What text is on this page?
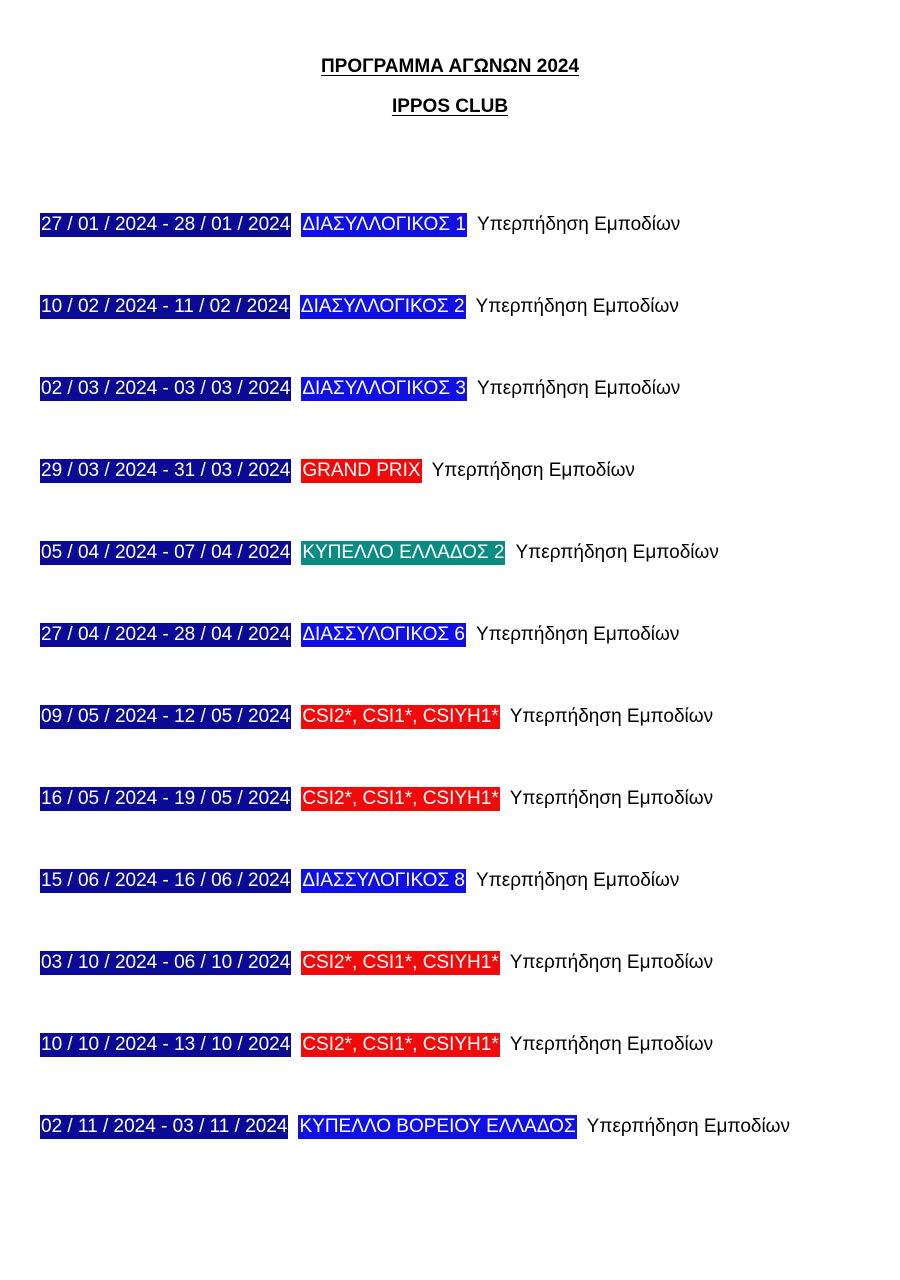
ΠΡΟΓΡΑΜΜΑ ΑΓΩΝΩΝ 2024
IPPOS CLUB
27 / 01 / 2024 - 28 / 01 / 2024 ΔΙΑΣΥΛΛΟΓΙΚΟΣ 1 Υπερπήδηση Εμποδίων
10 / 02 / 2024 - 11 / 02 / 2024 ΔΙΑΣΥΛΛΟΓΙΚΟΣ 2 Υπερπήδηση Εμποδίων
02 / 03 / 2024 - 03 / 03 / 2024 ΔΙΑΣΥΛΛΟΓΙΚΟΣ 3 Υπερπήδηση Εμποδίων
29 / 03 / 2024 - 31 / 03 / 2024 GRAND PRIX Υπερπήδηση Εμποδίων
05 / 04 / 2024 - 07 / 04 / 2024 ΚΥΠΕΛΛΟ ΕΛΛΑΔΟΣ 2 Υπερπήδηση Εμποδίων
27 / 04 / 2024 - 28 / 04 / 2024 ΔΙΑΣΣΥΛΟΓΙΚΟΣ 6 Υπερπήδηση Εμποδίων
09 / 05 / 2024 - 12 / 05 / 2024 CSI2*, CSI1*, CSIYH1* Υπερπήδηση Εμποδίων
16 / 05 / 2024 - 19 / 05 / 2024 CSI2*, CSI1*, CSIYH1* Υπερπήδηση Εμποδίων
15 / 06 / 2024 - 16 / 06 / 2024 ΔΙΑΣΣΥΛΟΓΙΚΟΣ 8 Υπερπήδηση Εμποδίων
03 / 10 / 2024 - 06 / 10 / 2024 CSI2*, CSI1*, CSIYH1* Υπερπήδηση Εμποδίων
10 / 10 / 2024 - 13 / 10 / 2024 CSI2*, CSI1*, CSIYH1* Υπερπήδηση Εμποδίων
02 / 11 / 2024 - 03 / 11 / 2024 ΚΥΠΕΛΛΟ ΒΟΡΕΙΟΥ ΕΛΛΑΔΟΣ Υπερπήδηση Εμποδίων
